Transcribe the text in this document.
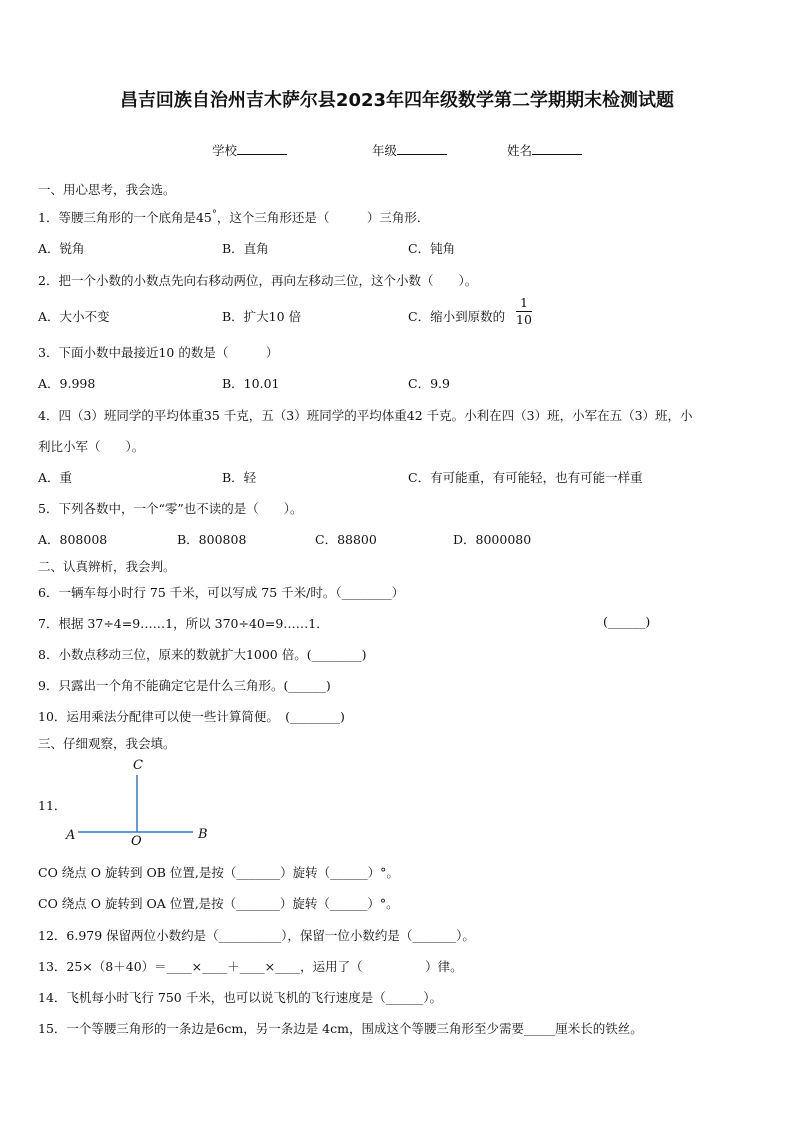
昌吉回族自治州吉木萨尔县2023年四年级数学第二学期期末检测试题
学校	年级	姓名
一、用心思考，我会选。
1．等腰三角形的一个底角是45°，这个三角形还是（　　　）三角形．
A．锐角	B．直角	C．钝角
2．把一个小数的小数点先向右移动两位，再向左移动三位，这个小数（　　）。
A．大小不变	B．扩大10 倍	C．缩小到原数的
1
10
3．下面小数中最接近10 的数是（　　　）
A．9.998	B．10.01	C．9.9
4．四（3）班同学的平均体重35 千克，五（3）班同学的平均体重42 千克。小利在四（3）班，小军在五（3）班，小
利比小军（　　）。
A．重	B．轻	C．有可能重，有可能轻，也有可能一样重
5．下列各数中，一个“零”也不读的是（　　）。
A．808008	B．800808	C．88800	D．8000080
二、认真辨析，我会判。
6．一辆车每小时行 75 千米，可以写成 75 千米/时。（________）
7．根据 37÷4=9……1，所以 370÷40=9……1．	(______)
8．小数点移动三位，原来的数就扩大1000 倍。(________)
9．只露出一个角不能确定它是什么三角形。(______)
10．运用乘法分配律可以使一些计算简便。　(________)
三、仔细观察，我会填。
11．
C
A	O	B
CO 绕点 O 旋转到 OB 位置,是按（_______）旋转（______）°。
CO 绕点 O 旋转到 OA 位置,是按（_______）旋转（______）°。
12．6.979 保留两位小数约是（__________），保留一位小数约是（_______）。
13．25×（8＋40）＝____×____＋____×____，运用了（　　　　　）律。
14．飞机每小时飞行 750 千米，也可以说飞机的飞行速度是（______）。
15．一个等腰三角形的一条边是6cm，另一条边是 4cm，围成这个等腰三角形至少需要_____厘米长的铁丝。
